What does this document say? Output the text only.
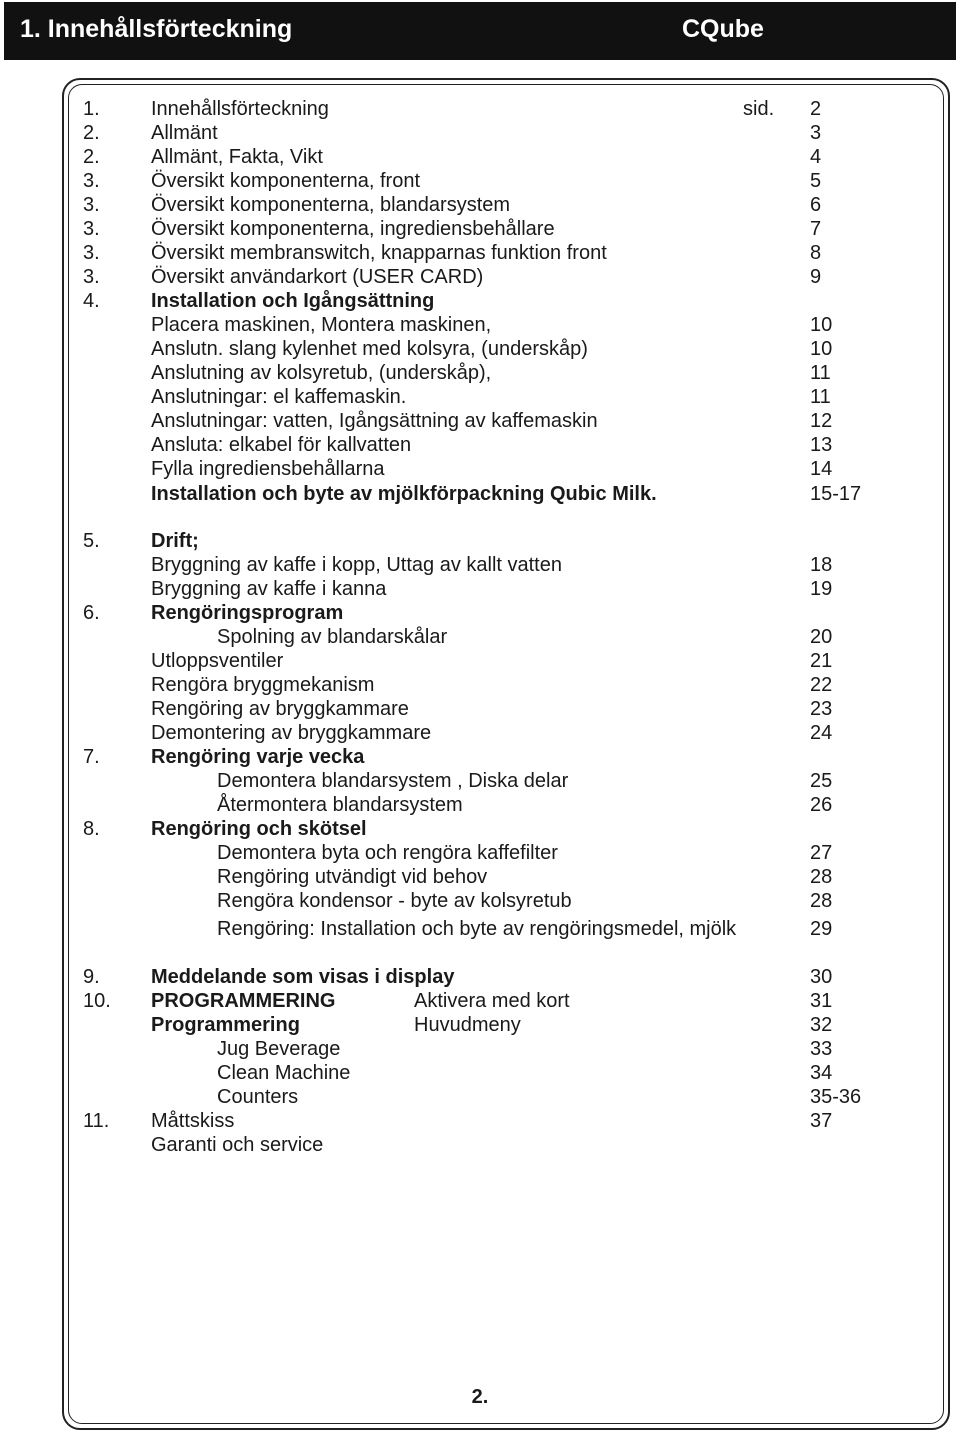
1. Innehållsförteckning	CQube
1.	Innehållsförteckning	sid. 2
2.	Allmänt	3
2.	Allmänt, Fakta, Vikt	4
3.	Översikt komponenterna, front	5
3.	Översikt komponenterna, blandarsystem	6
3.	Översikt komponenterna, ingrediensbehållare	7
3.	Översikt membranswitch, knapparnas funktion front	8
3.	Översikt användarkort (USER CARD)	9
4.	Installation och Igångsättning
Placera maskinen, Montera maskinen,	10
Anslutn. slang kylenhet med kolsyra, (underskåp)	10
Anslutning av kolsyretub, (underskåp),	11
Anslutningar: el kaffemaskin.	11
Anslutningar: vatten, Igångsättning av kaffemaskin	12
Ansluta: elkabel för kallvatten	13
Fylla ingrediensbehållarna	14
Installation och byte av mjölkförpackning Qubic Milk.	15-17
5.	Drift;
Bryggning av kaffe i kopp, Uttag av kallt vatten	18
Bryggning av kaffe i kanna	19
6.	Rengöringsprogram
Spolning av blandarskålar	20
Utloppsventiler	21
Rengöra bryggmekanism	22
Rengöring av bryggkammare	23
Demontering av bryggkammare	24
7.	Rengöring varje vecka
Demontera blandarsystem , Diska delar	25
Återmontera blandarsystem	26
8.	Rengöring och skötsel
Demontera byta och rengöra kaffefilter	27
Rengöring utvändigt vid behov	28
Rengöra kondensor - byte av kolsyretub	28
Rengöring: Installation och byte av rengöringsmedel, mjölk	29
9.	Meddelande som visas i display	30
10. PROGRAMMERING	Aktivera med kort	31
Programmering	Huvudmeny	32
Jug Beverage	33
Clean Machine	34
Counters	35-36
11. Måttskiss	37
Garanti och service
2.
